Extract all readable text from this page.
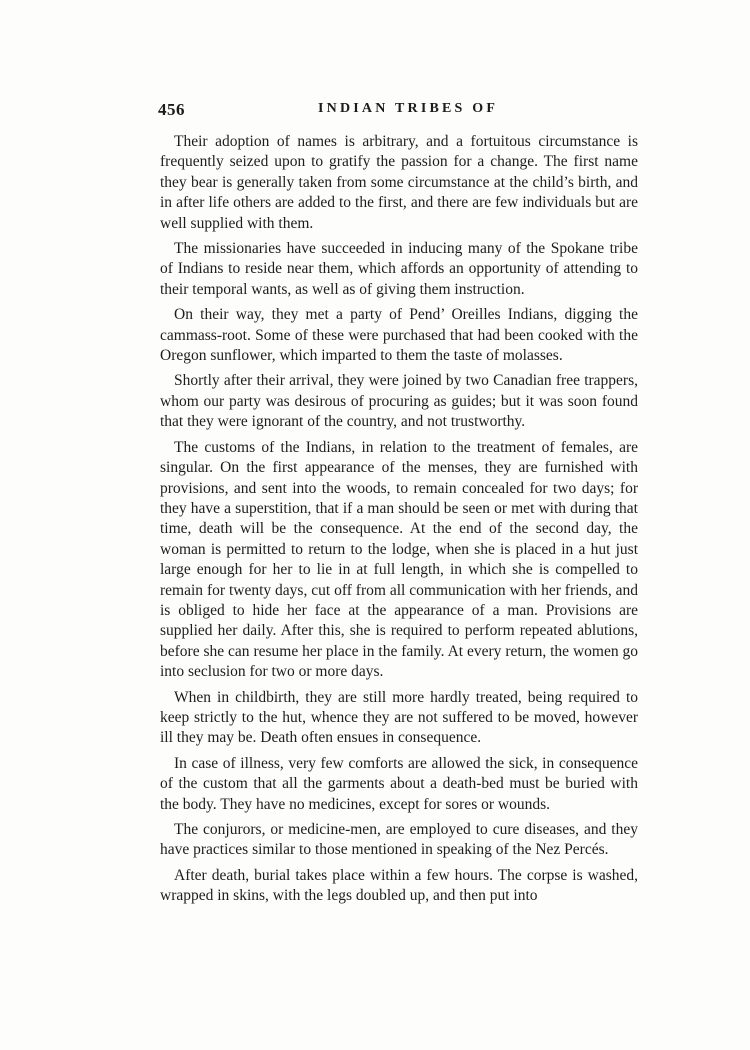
456	INDIAN TRIBES OF

Their adoption of names is arbitrary, and a fortuitous circumstance is frequently seized upon to gratify the passion for a change. The first name they bear is generally taken from some circumstance at the child’s birth, and in after life others are added to the first, and there are few individuals but are well supplied with them.

The missionaries have succeeded in inducing many of the Spokane tribe of Indians to reside near them, which affords an opportunity of attending to their temporal wants, as well as of giving them instruction.

On their way, they met a party of Pend’ Oreilles Indians, digging the cammass-root. Some of these were purchased that had been cooked with the Oregon sunflower, which imparted to them the taste of molasses.

Shortly after their arrival, they were joined by two Canadian free trappers, whom our party was desirous of procuring as guides; but it was soon found that they were ignorant of the country, and not trustworthy.

The customs of the Indians, in relation to the treatment of females, are singular. On the first appearance of the menses, they are furnished with provisions, and sent into the woods, to remain concealed for two days; for they have a superstition, that if a man should be seen or met with during that time, death will be the consequence. At the end of the second day, the woman is permitted to return to the lodge, when she is placed in a hut just large enough for her to lie in at full length, in which she is compelled to remain for twenty days, cut off from all communication with her friends, and is obliged to hide her face at the appearance of a man. Provisions are supplied her daily. After this, she is required to perform repeated ablutions, before she can resume her place in the family. At every return, the women go into seclusion for two or more days.

When in childbirth, they are still more hardly treated, being required to keep strictly to the hut, whence they are not suffered to be moved, however ill they may be. Death often ensues in consequence.

In case of illness, very few comforts are allowed the sick, in consequence of the custom that all the garments about a death-bed must be buried with the body. They have no medicines, except for sores or wounds.

The conjurors, or medicine-men, are employed to cure diseases, and they have practices similar to those mentioned in speaking of the Nez Percés.

After death, burial takes place within a few hours. The corpse is washed, wrapped in skins, with the legs doubled up, and then put into
